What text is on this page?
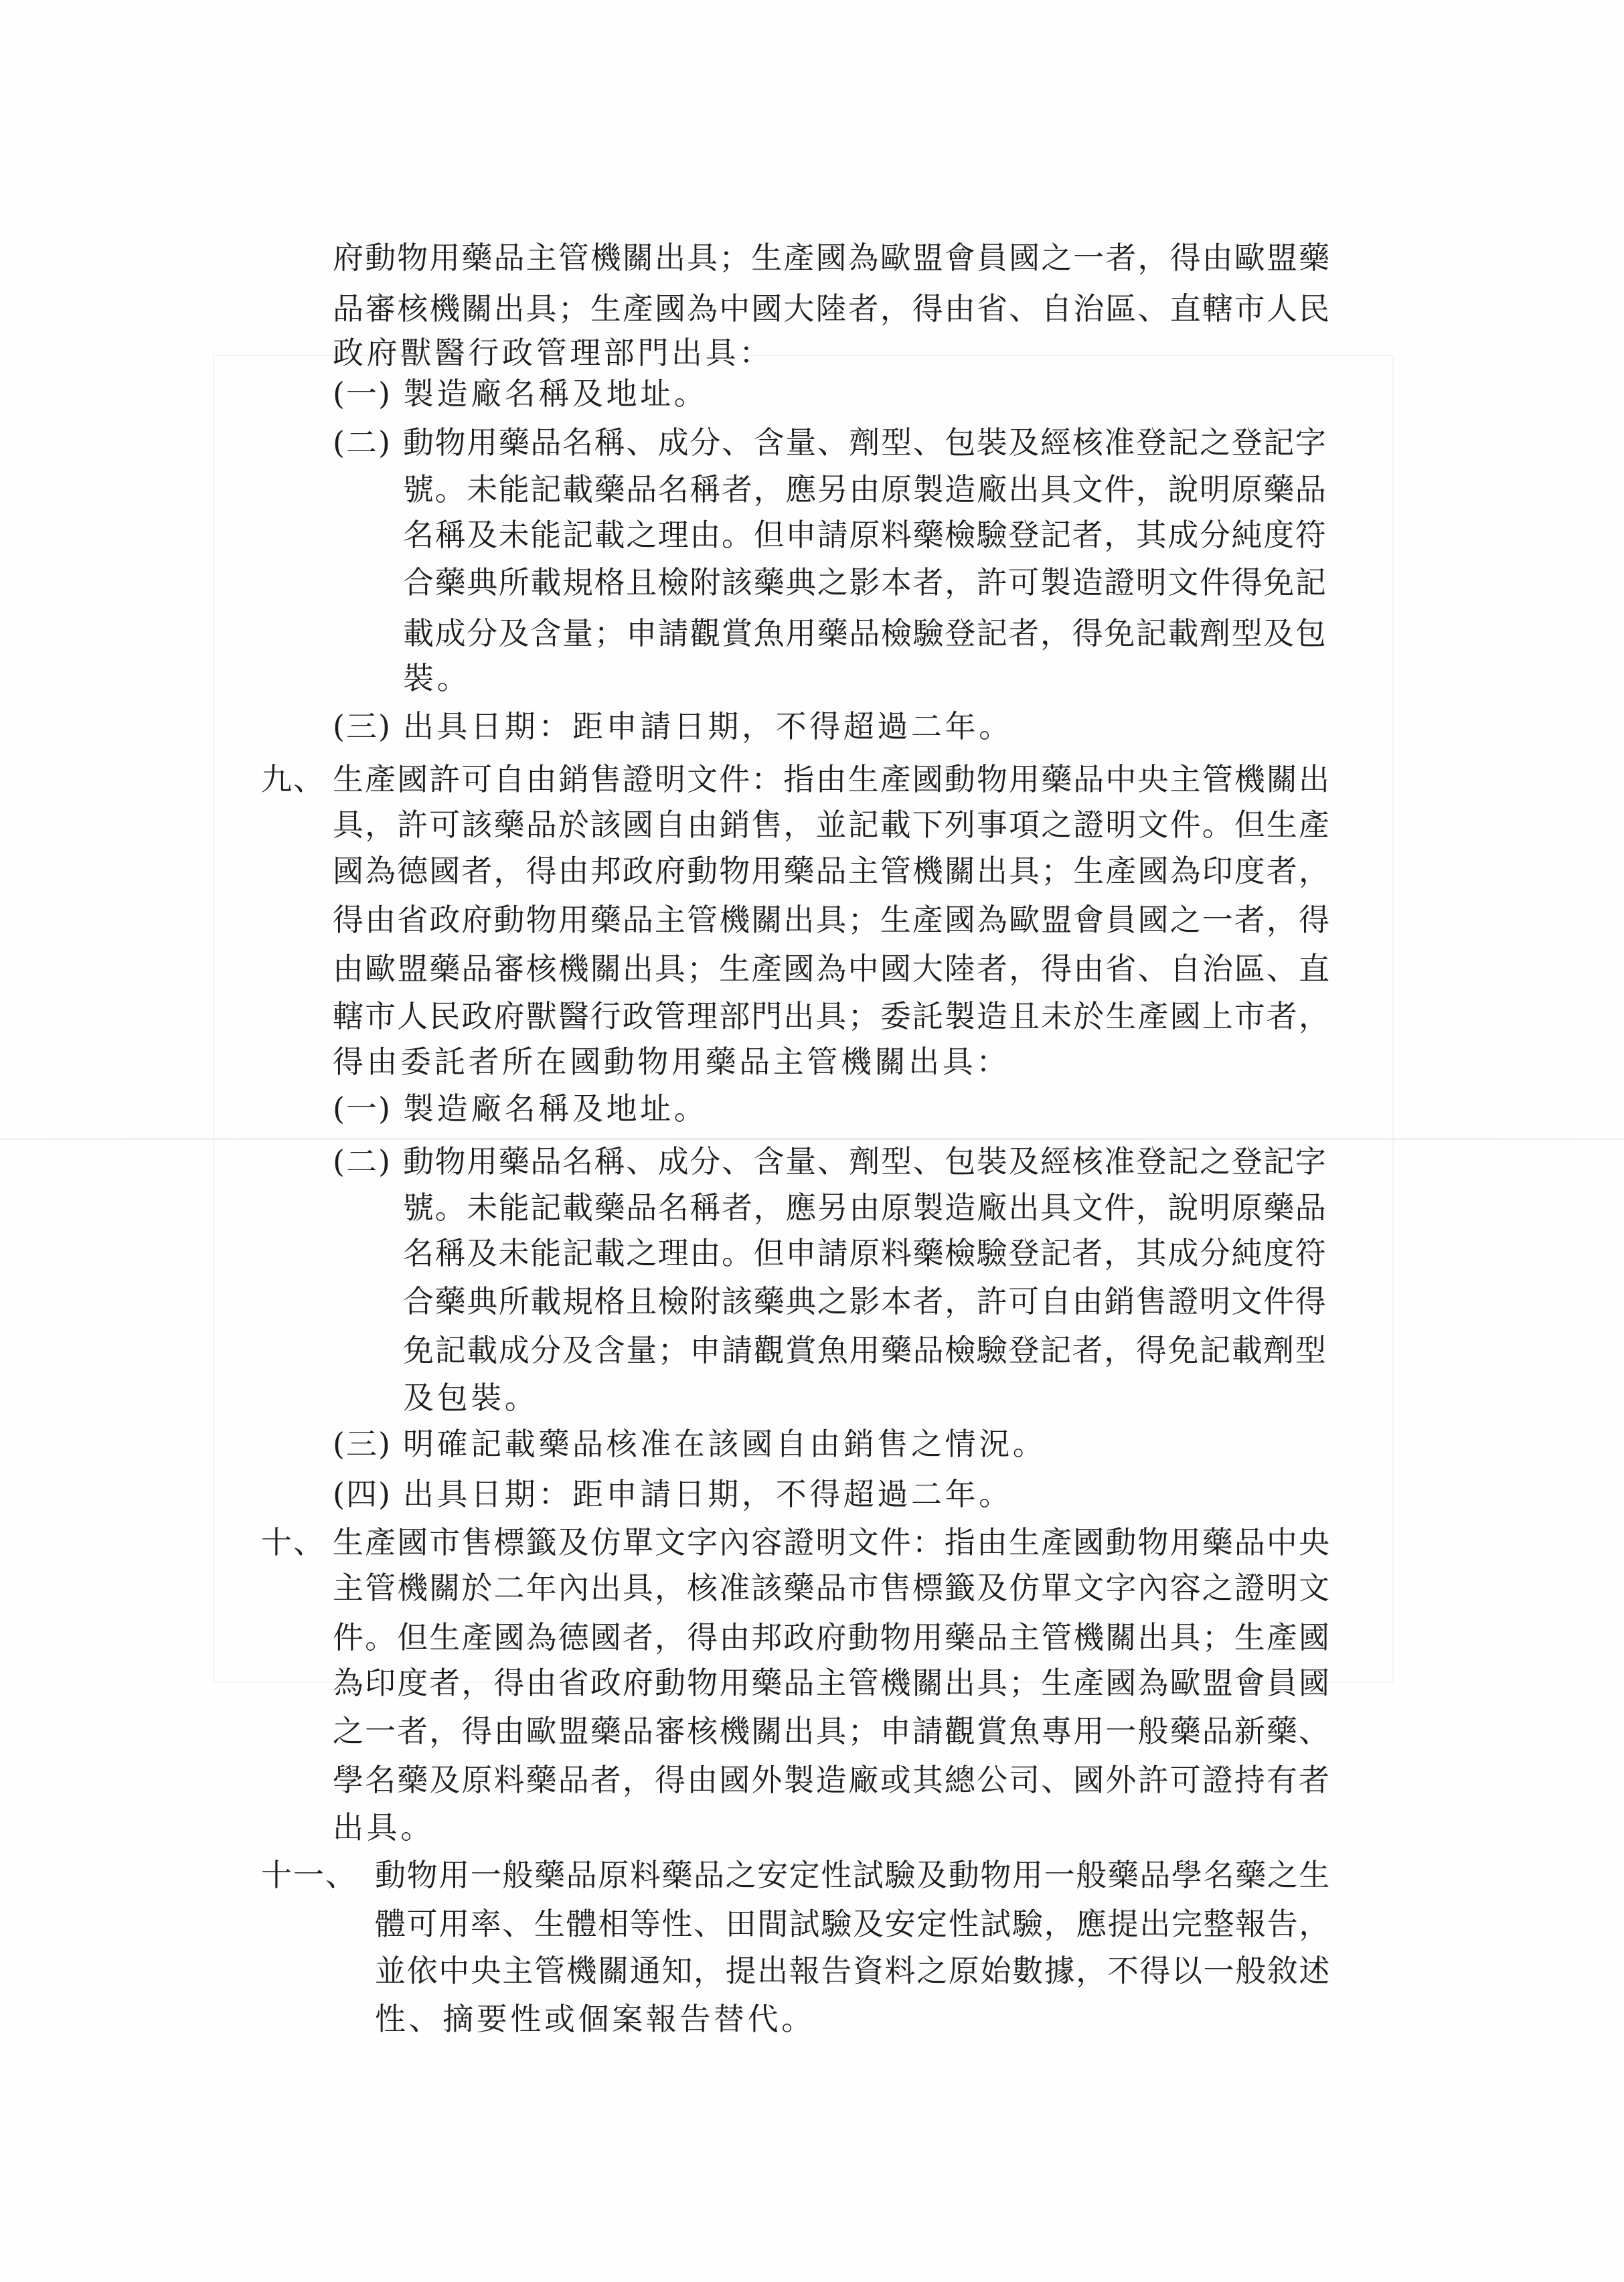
府動物用藥品主管機關出具；生產國為歐盟會員國之一者，得由歐盟藥
品審核機關出具；生產國為中國大陸者，得由省、自治區、直轄市人民
政府獸醫行政管理部門出具：
(一) 製造廠名稱及地址。
(二) 動物用藥品名稱、成分、含量、劑型、包裝及經核准登記之登記字
號。未能記載藥品名稱者，應另由原製造廠出具文件，說明原藥品
名稱及未能記載之理由。但申請原料藥檢驗登記者，其成分純度符
合藥典所載規格且檢附該藥典之影本者，許可製造證明文件得免記
載成分及含量；申請觀賞魚用藥品檢驗登記者，得免記載劑型及包
裝。
(三) 出具日期：距申請日期，不得超過二年。
九、 生產國許可自由銷售證明文件：指由生產國動物用藥品中央主管機關出
具，許可該藥品於該國自由銷售，並記載下列事項之證明文件。但生產
國為德國者，得由邦政府動物用藥品主管機關出具；生產國為印度者，
得由省政府動物用藥品主管機關出具；生產國為歐盟會員國之一者，得
由歐盟藥品審核機關出具；生產國為中國大陸者，得由省、自治區、直
轄市人民政府獸醫行政管理部門出具；委託製造且未於生產國上市者，
得由委託者所在國動物用藥品主管機關出具：
(一) 製造廠名稱及地址。
(二) 動物用藥品名稱、成分、含量、劑型、包裝及經核准登記之登記字
號。未能記載藥品名稱者，應另由原製造廠出具文件，說明原藥品
名稱及未能記載之理由。但申請原料藥檢驗登記者，其成分純度符
合藥典所載規格且檢附該藥典之影本者，許可自由銷售證明文件得
免記載成分及含量；申請觀賞魚用藥品檢驗登記者，得免記載劑型
及包裝。
(三) 明確記載藥品核准在該國自由銷售之情況。
(四) 出具日期：距申請日期，不得超過二年。
十、 生產國市售標籤及仿單文字內容證明文件：指由生產國動物用藥品中央
主管機關於二年內出具，核准該藥品市售標籤及仿單文字內容之證明文
件。但生產國為德國者，得由邦政府動物用藥品主管機關出具；生產國
為印度者，得由省政府動物用藥品主管機關出具；生產國為歐盟會員國
之一者，得由歐盟藥品審核機關出具；申請觀賞魚專用一般藥品新藥、
學名藥及原料藥品者，得由國外製造廠或其總公司、國外許可證持有者
出具。
十一、 動物用一般藥品原料藥品之安定性試驗及動物用一般藥品學名藥之生
體可用率、生體相等性、田間試驗及安定性試驗，應提出完整報告，
並依中央主管機關通知，提出報告資料之原始數據，不得以一般敘述
性、摘要性或個案報告替代。
